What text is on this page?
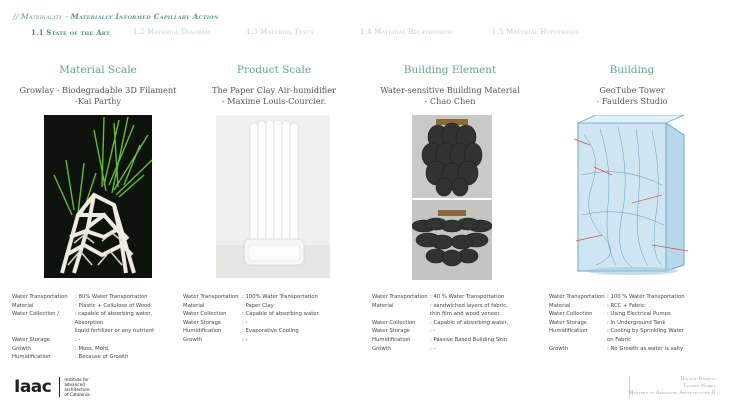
// Materiality - Materially Informed Capillary Action
1.1 State of the Art	1.2 Material Diagram	1.3 Material Tests	1.4 Material Relationship	1.5 Material Hypothesis
Material Scale
Growlay - Biodegradable 3D Filament
-Kai Parthy
Product Scale
The Paper Clay Air-humidifier
- Maxime Louis-Courcier.
Building Element
Water-sensitive Building Material
- Chao Chen
Building
GeoTube Tower
- Faulders Studio
Water Transportation	: 80% Water Transportation
Material	: Plastic + Cellulose of Wood
Water Collection /	: capable of absorbing water, Absorption
liquid fertilizer or any nutrient
Water Storage	: -
Growth	: Moss, Mold,
Humidification	: Because of Growth
Water Transportation : 100% Water Transportation
Material	: Paper Clay
Water Collection	: Capable of absorbing water.
Water Storage	: -
Humidification	: Evaporative Cooling
Growth	: -
Water Transportation : 40 % Water Transportation
Material	: sandwiched layers of fabric,
thin film and wood veneer.
Water Collection	: Capable of absorbing water,
Water Storage	: -
Humidification	: Passive Based Building Skin
Growth	: -
Water Transportation : 100 % Water Transportation
Material	: RCC + Fabric
Water Collection	: Using Electrical Pumps
Water Storage	: In Underground Tank
Humidification	: Cooling by Sprinkling Water
on Fabric
Growth	: No Growth as water is salty
Iaac	Institute for
advanced
architecture
of Catalonia
Digital Gravity
Tutors Names
Masters in Advanced Architecture II
